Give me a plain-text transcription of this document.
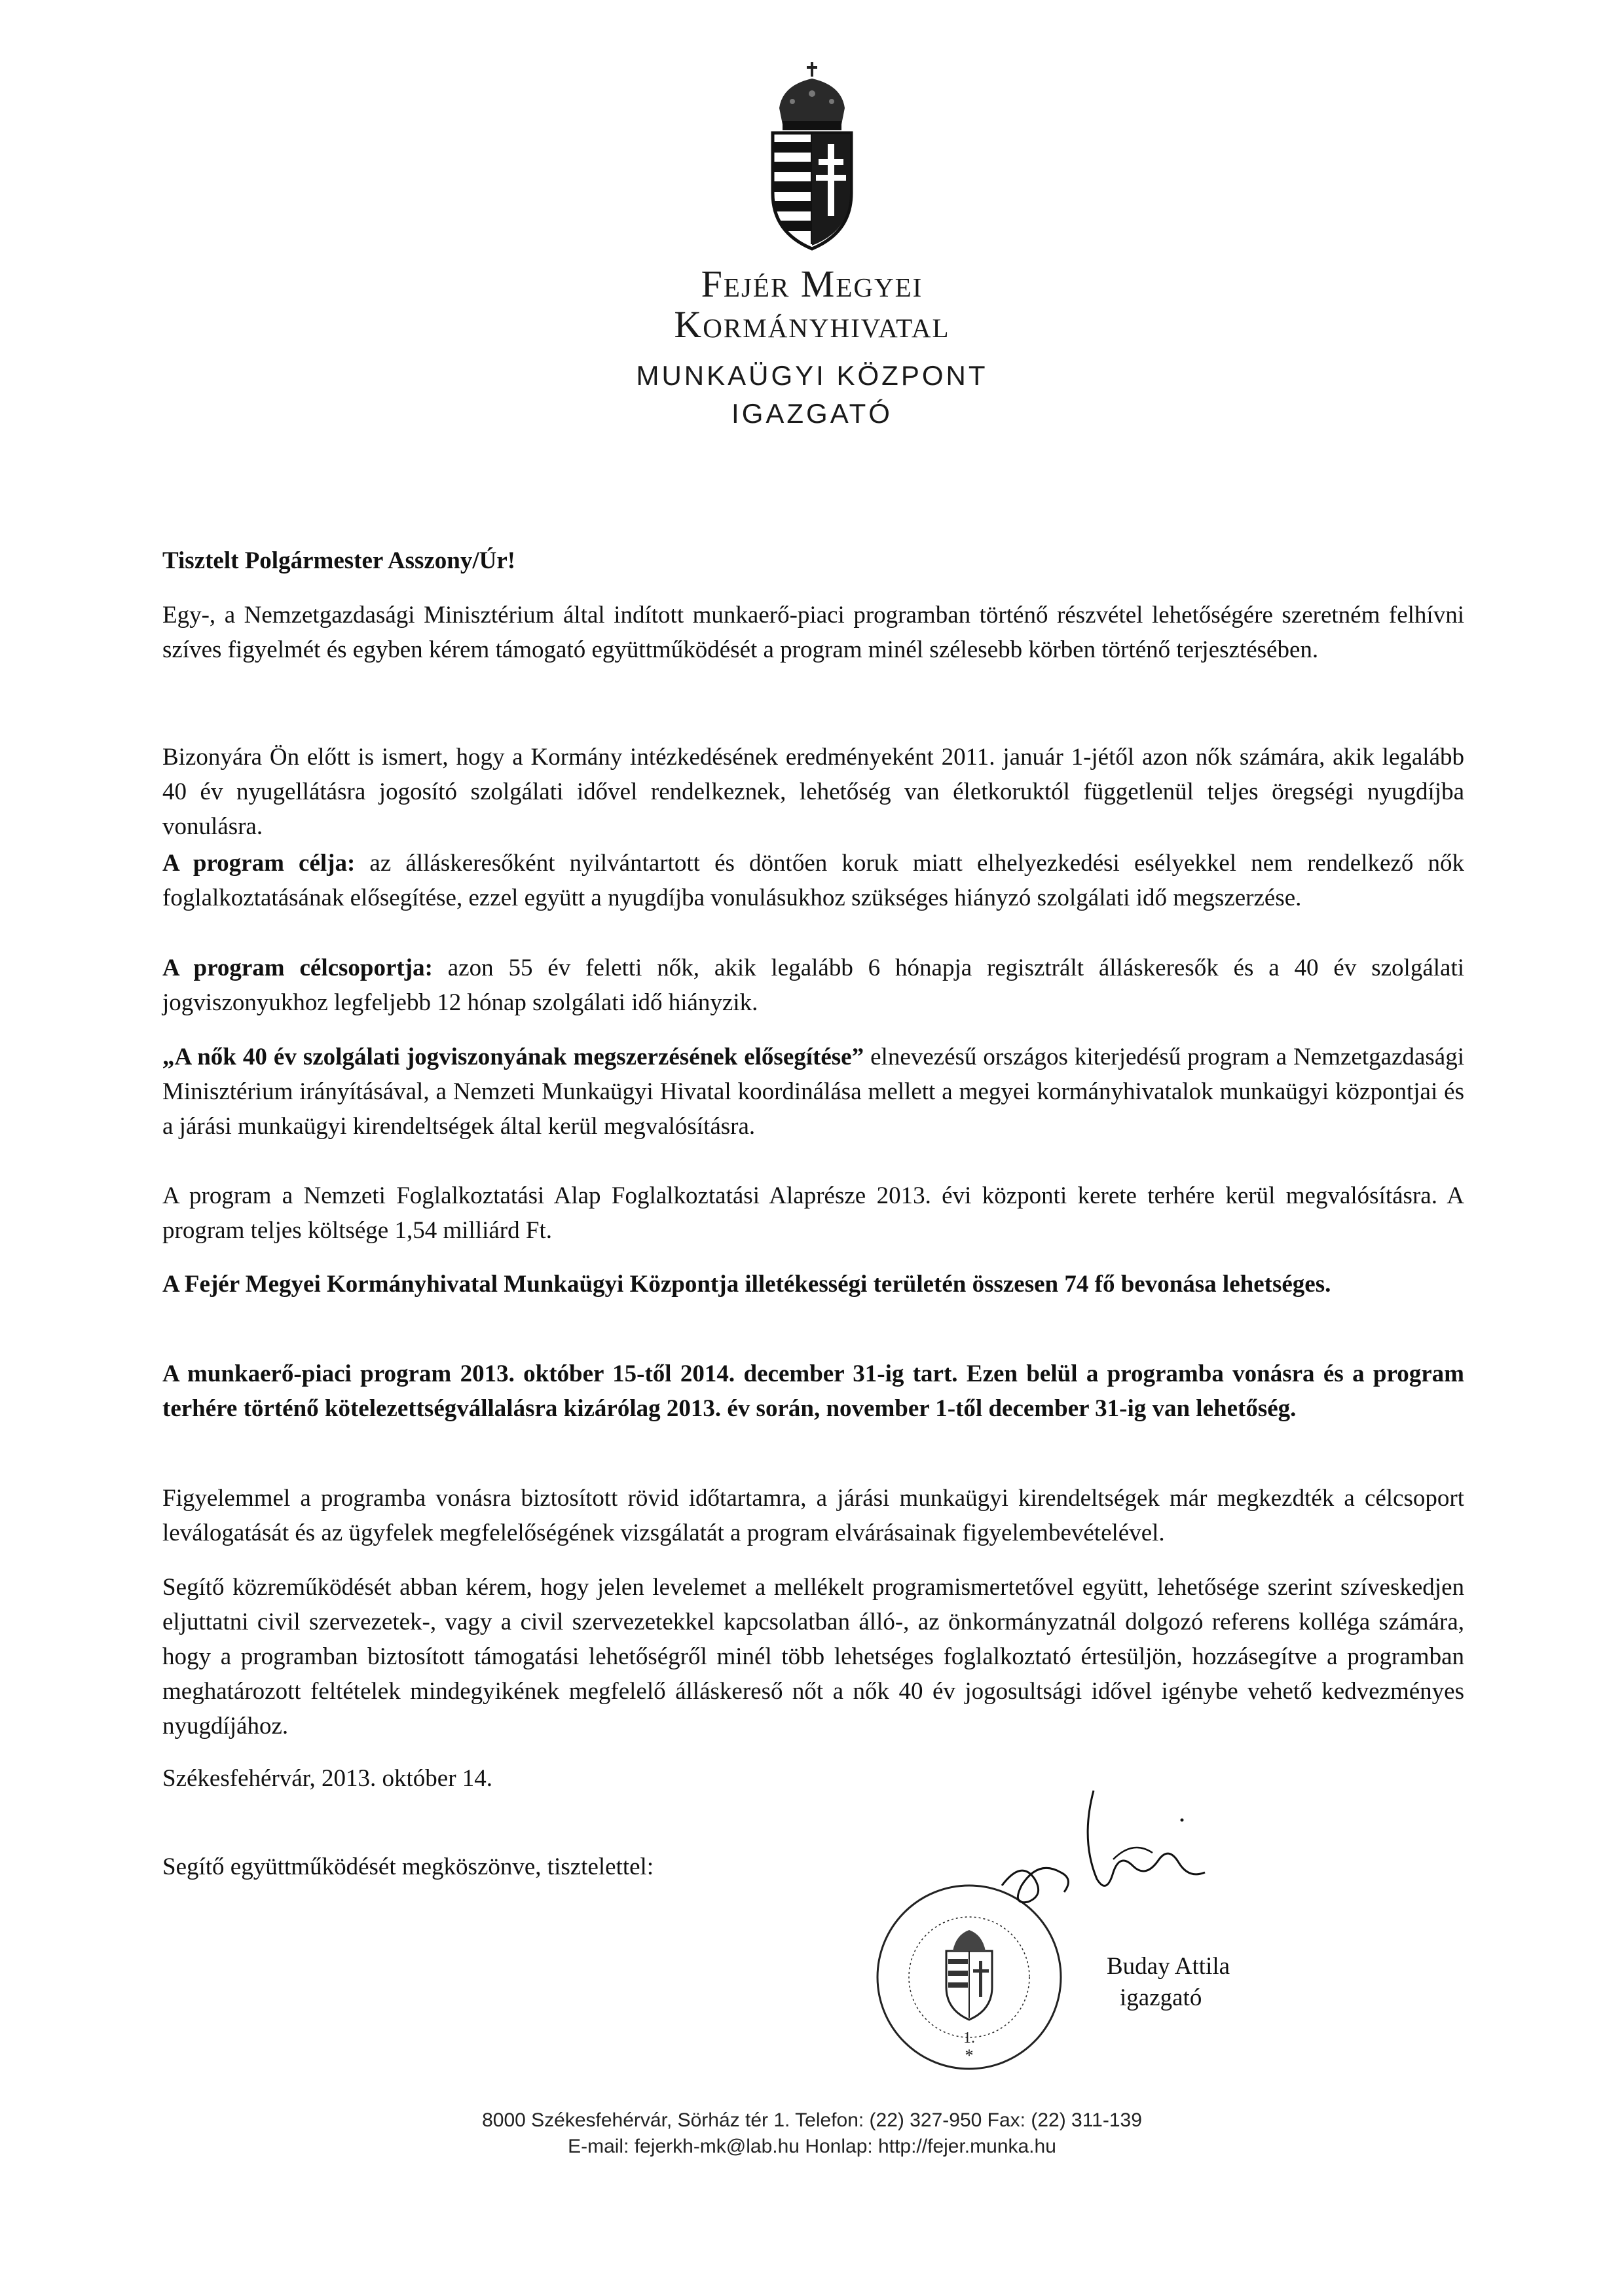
Fejér Megyei
Kormányhivatal
MUNKAÜGYI KÖZPONT
IGAZGATÓ
Tisztelt Polgármester Asszony/Úr!
Egy-, a Nemzetgazdasági Minisztérium által indított munkaerő-piaci programban történő részvétel lehetőségére szeretném felhívni szíves figyelmét és egyben kérem támogató együttműködését a program minél szélesebb körben történő terjesztésében.
Bizonyára Ön előtt is ismert, hogy a Kormány intézkedésének eredményeként 2011. január 1-jétől azon nők számára, akik legalább 40 év nyugellátásra jogosító szolgálati idővel rendelkeznek, lehetőség van életkoruktól függetlenül teljes öregségi nyugdíjba vonulásra.
A program célja: az álláskeresőként nyilvántartott és döntően koruk miatt elhelyezkedési esélyekkel nem rendelkező nők foglalkoztatásának elősegítése, ezzel együtt a nyugdíjba vonulásukhoz szükséges hiányzó szolgálati idő megszerzése.
A program célcsoportja: azon 55 év feletti nők, akik legalább 6 hónapja regisztrált álláskeresők és a 40 év szolgálati jogviszonyukhoz legfeljebb 12 hónap szolgálati idő hiányzik.
„A nők 40 év szolgálati jogviszonyának megszerzésének elősegítése” elnevezésű országos kiterjedésű program a Nemzetgazdasági Minisztérium irányításával, a Nemzeti Munkaügyi Hivatal koordinálása mellett a megyei kormányhivatalok munkaügyi központjai és a járási munkaügyi kirendeltségek által kerül megvalósításra.
A program a Nemzeti Foglalkoztatási Alap Foglalkoztatási Alaprésze 2013. évi központi kerete terhére kerül megvalósításra. A program teljes költsége 1,54 milliárd Ft.
A Fejér Megyei Kormányhivatal Munkaügyi Központja illetékességi területén összesen 74 fő bevonása lehetséges.
A munkaerő-piaci program 2013. október 15-től 2014. december 31-ig tart. Ezen belül a programba vonásra és a program terhére történő kötelezettségvállalásra kizárólag 2013. év során, november 1-től december 31-ig van lehetőség.
Figyelemmel a programba vonásra biztosított rövid időtartamra, a járási munkaügyi kirendeltségek már megkezdték a célcsoport leválogatását és az ügyfelek megfelelőségének vizsgálatát a program elvárásainak figyelembevételével.
Segítő közreműködését abban kérem, hogy jelen levelemet a mellékelt programismertetővel együtt, lehetősége szerint szíveskedjen eljuttatni civil szervezetek-, vagy a civil szervezetekkel kapcsolatban álló-, az önkormányzatnál dolgozó referens kolléga számára, hogy a programban biztosított támogatási lehetőségről minél több lehetséges foglalkoztató értesüljön, hozzásegítve a programban meghatározott feltételek mindegyikének megfelelő álláskereső nőt a nők 40 év jogosultsági idővel igénybe vehető kedvezményes nyugdíjához.
Székesfehérvár, 2013. október 14.
Segítő együttműködését megköszönve, tisztelettel:
1.
*
Buday Attila
igazgató
8000 Székesfehérvár, Sörház tér 1. Telefon: (22) 327-950 Fax: (22) 311-139
E-mail: fejerkh-mk@lab.hu Honlap: http://fejer.munka.hu
